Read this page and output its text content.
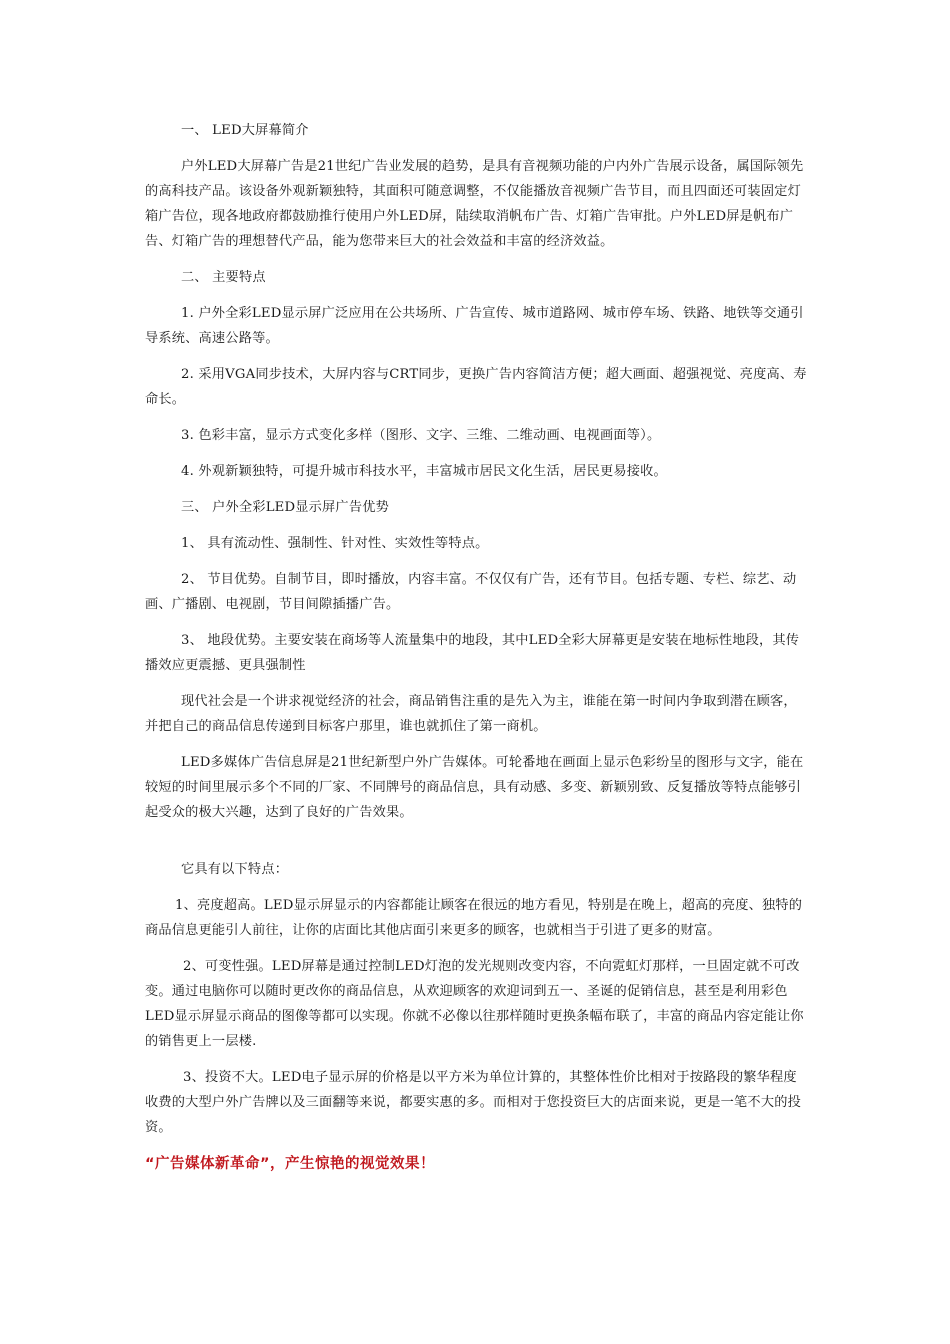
一、 LED大屏幕简介

户外LED大屏幕广告是21世纪广告业发展的趋势，是具有音视频功能的户内外广告展示设备，属国际领先的高科技产品。该设备外观新颖独特，其面积可随意调整，不仅能播放音视频广告节目，而且四面还可装固定灯箱广告位，现各地政府都鼓励推行使用户外LED屏，陆续取消帆布广告、灯箱广告审批。户外LED屏是帆布广告、灯箱广告的理想替代产品，能为您带来巨大的社会效益和丰富的经济效益。

二、 主要特点

1. 户外全彩LED显示屏广泛应用在公共场所、广告宣传、城市道路网、城市停车场、铁路、地铁等交通引导系统、高速公路等。

2. 采用VGA同步技术，大屏内容与CRT同步，更换广告内容简洁方便；超大画面、超强视觉、亮度高、寿命长。

3. 色彩丰富，显示方式变化多样（图形、文字、三维、二维动画、电视画面等）。

4. 外观新颖独特，可提升城市科技水平，丰富城市居民文化生活，居民更易接收。

三、 户外全彩LED显示屏广告优势

1、 具有流动性、强制性、针对性、实效性等特点。

2、 节目优势。自制节目，即时播放，内容丰富。不仅仅有广告，还有节目。包括专题、专栏、综艺、动画、广播剧、电视剧，节目间隙插播广告。

3、 地段优势。主要安装在商场等人流量集中的地段，其中LED全彩大屏幕更是安装在地标性地段，其传播效应更震撼、更具强制性

现代社会是一个讲求视觉经济的社会，商品销售注重的是先入为主，谁能在第一时间内争取到潜在顾客，并把自己的商品信息传递到目标客户那里，谁也就抓住了第一商机。

LED多媒体广告信息屏是21世纪新型户外广告媒体。可轮番地在画面上显示色彩纷呈的图形与文字，能在较短的时间里展示多个不同的厂家、不同牌号的商品信息，具有动感、多变、新颖别致、反复播放等特点能够引起受众的极大兴趣，达到了良好的广告效果。

它具有以下特点：

1、亮度超高。LED显示屏显示的内容都能让顾客在很远的地方看见，特别是在晚上，超高的亮度、独特的商品信息更能引人前往，让你的店面比其他店面引来更多的顾客，也就相当于引进了更多的财富。

2、可变性强。LED屏幕是通过控制LED灯泡的发光规则改变内容，不向霓虹灯那样，一旦固定就不可改变。通过电脑你可以随时更改你的商品信息，从欢迎顾客的欢迎词到五一、圣诞的促销信息，甚至是利用彩色LED显示屏显示商品的图像等都可以实现。你就不必像以往那样随时更换条幅布联了，丰富的商品内容定能让你的销售更上一层楼.

3、投资不大。LED电子显示屏的价格是以平方米为单位计算的，其整体性价比相对于按路段的繁华程度收费的大型户外广告牌以及三面翻等来说，都要实惠的多。而相对于您投资巨大的店面来说，更是一笔不大的投资。

“广告媒体新革命”，产生惊艳的视觉效果！
